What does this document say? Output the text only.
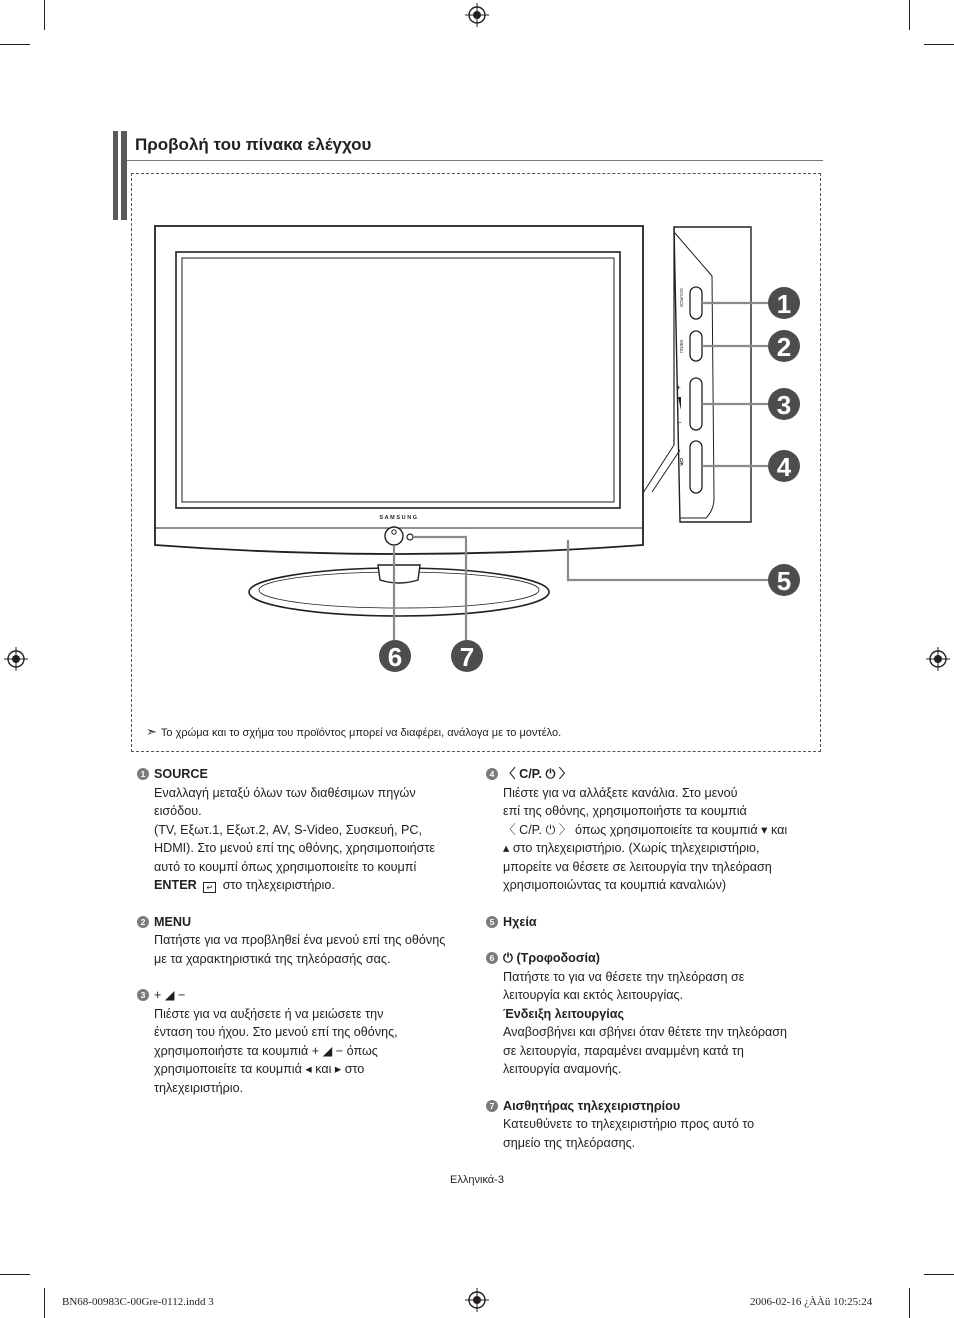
Προβολή του πίνακα ελέγχου
SAMSUNG
SOURCE
MENU
+
−
C/P.
1
2
3
4
5
6 7
➣ Το χρώμα και το σχήμα του προϊόντος μπορεί να διαφέρει, ανάλογα με το μοντέλο.
1 SOURCE
Εναλλαγή μεταξύ όλων των διαθέσιμων πηγών
εισόδου.
(TV, Εξωτ.1, Εξωτ.2, AV, S-Video, Συσκευή, PC,
HDMI). Στο μενού επί της οθόνης, χρησιμοποιήστε
αυτό το κουμπί όπως χρησιμοποιείτε το κουμπί
ENTER ↵ στο τηλεχειριστήριο.
2 MENU
Πατήστε για να προβληθεί ένα μενού επί της οθόνης
με τα χαρακτηριστικά της τηλεόρασής σας.
3 + ◢ −
Πιέστε για να αυξήσετε ή να μειώσετε την
ένταση του ήχου. Στο μενού επί της οθόνης,
χρησιμοποιήστε τα κουμπιά + ◢ − όπως
χρησιμοποιείτε τα κουμπιά ◂ και ▸ στο
τηλεχειριστήριο.
4 〈 C/P. ⏻ 〉
Πιέστε για να αλλάξετε κανάλια. Στο μενού
επί της οθόνης, χρησιμοποιήστε τα κουμπιά
〈 C/P. ⏻ 〉 όπως χρησιμοποιείτε τα κουμπιά ▾ και
▴ στο τηλεχειριστήριο. (Χωρίς τηλεχειριστήριο,
μπορείτε να θέσετε σε λειτουργία την τηλεόραση
χρησιμοποιώντας τα κουμπιά καναλιών)
5 Ηχεία
6 ⏻ (Τροφοδοσία)
Πατήστε το για να θέσετε την τηλεόραση σε
λειτουργία και εκτός λειτουργίας.
Ένδειξη λειτουργίας
Αναβοσβήνει και σβήνει όταν θέτετε την τηλεόραση
σε λειτουργία, παραμένει αναμμένη κατά τη
λειτουργία αναμονής.
7 Αισθητήρας τηλεχειριστηρίου
Κατευθύνετε το τηλεχειριστήριο προς αυτό το
σημείο της τηλεόρασης.
Ελληνικά-3
BN68-00983C-00Gre-0112.indd 3	2006-02-16 ¿ÀÀü 10:25:24
